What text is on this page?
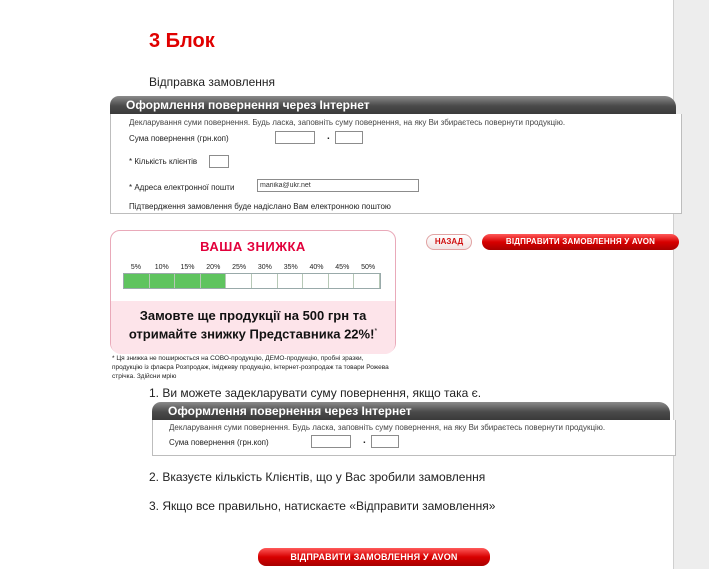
3 Блок
Відправка замовлення
Оформлення повернення через Інтернет
Декларування суми повернення. Будь ласка, заповніть суму повернення, на яку Ви збираєтесь повернути продукцію.
Сума повернення (грн.коп)	.
* Кількість клієнтів
* Адреса електронної пошти
mariika@ukr.net
Підтвердження замовлення буде надіслано Вам електронною поштою
ВАША ЗНИЖКА
5%	10%	15%	20%	25%	30%	35%	40%	45%	50%
Замовте ще продукції на 500 грн та
отримайте знижку Представника 22%!*
* Ця знижка не поширюється на СОВО-продукцію, ДЕМО-продукцію, пробні зразки, продукцію із флаєра Розпродаж, іміджеву продукцію, інтернет-розпродаж та товари Рожева стрічка. Здійсни мрію
НАЗАД	ВІДПРАВИТИ ЗАМОВЛЕННЯ У AVON
1. Ви можете задекларувати суму повернення, якщо така є.
Оформлення повернення через Інтернет
Декларування суми повернення. Будь ласка, заповніть суму повернення, на яку Ви збираєтесь повернути продукцію.
Сума повернення (грн.коп)	.
2. Вказуєте кількість Клієнтів, що у Вас зробили замовлення
3. Якщо все правильно, натискаєте «Відправити замовлення»
ВІДПРАВИТИ ЗАМОВЛЕННЯ У AVON
